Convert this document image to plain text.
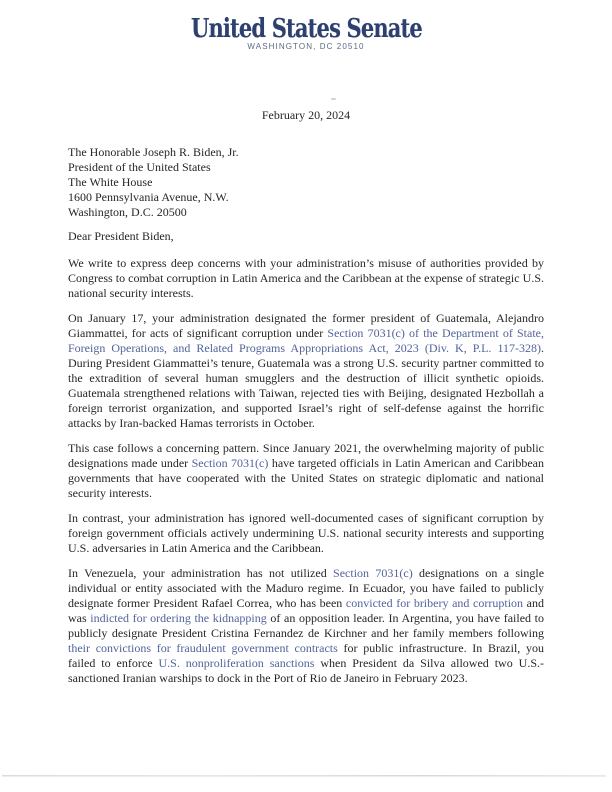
United States Senate
WASHINGTON, DC 20510
February 20, 2024
The Honorable Joseph R. Biden, Jr.
President of the United States
The White House
1600 Pennsylvania Avenue, N.W.
Washington, D.C. 20500
Dear President Biden,

We write to express deep concerns with your administration’s misuse of authorities provided by Congress to combat corruption in Latin America and the Caribbean at the expense of strategic U.S. national security interests.

On January 17, your administration designated the former president of Guatemala, Alejandro Giammattei, for acts of significant corruption under Section 7031(c) of the Department of State, Foreign Operations, and Related Programs Appropriations Act, 2023 (Div. K, P.L. 117-328). During President Giammattei’s tenure, Guatemala was a strong U.S. security partner committed to the extradition of several human smugglers and the destruction of illicit synthetic opioids. Guatemala strengthened relations with Taiwan, rejected ties with Beijing, designated Hezbollah a foreign terrorist organization, and supported Israel’s right of self-defense against the horrific attacks by Iran-backed Hamas terrorists in October.

This case follows a concerning pattern. Since January 2021, the overwhelming majority of public designations made under Section 7031(c) have targeted officials in Latin American and Caribbean governments that have cooperated with the United States on strategic diplomatic and national security interests.

In contrast, your administration has ignored well-documented cases of significant corruption by foreign government officials actively undermining U.S. national security interests and supporting U.S. adversaries in Latin America and the Caribbean.

In Venezuela, your administration has not utilized Section 7031(c) designations on a single individual or entity associated with the Maduro regime. In Ecuador, you have failed to publicly designate former President Rafael Correa, who has been convicted for bribery and corruption and was indicted for ordering the kidnapping of an opposition leader. In Argentina, you have failed to publicly designate President Cristina Fernandez de Kirchner and her family members following their convictions for fraudulent government contracts for public infrastructure. In Brazil, you failed to enforce U.S. nonproliferation sanctions when President da Silva allowed two U.S.-sanctioned Iranian warships to dock in the Port of Rio de Janeiro in February 2023.
